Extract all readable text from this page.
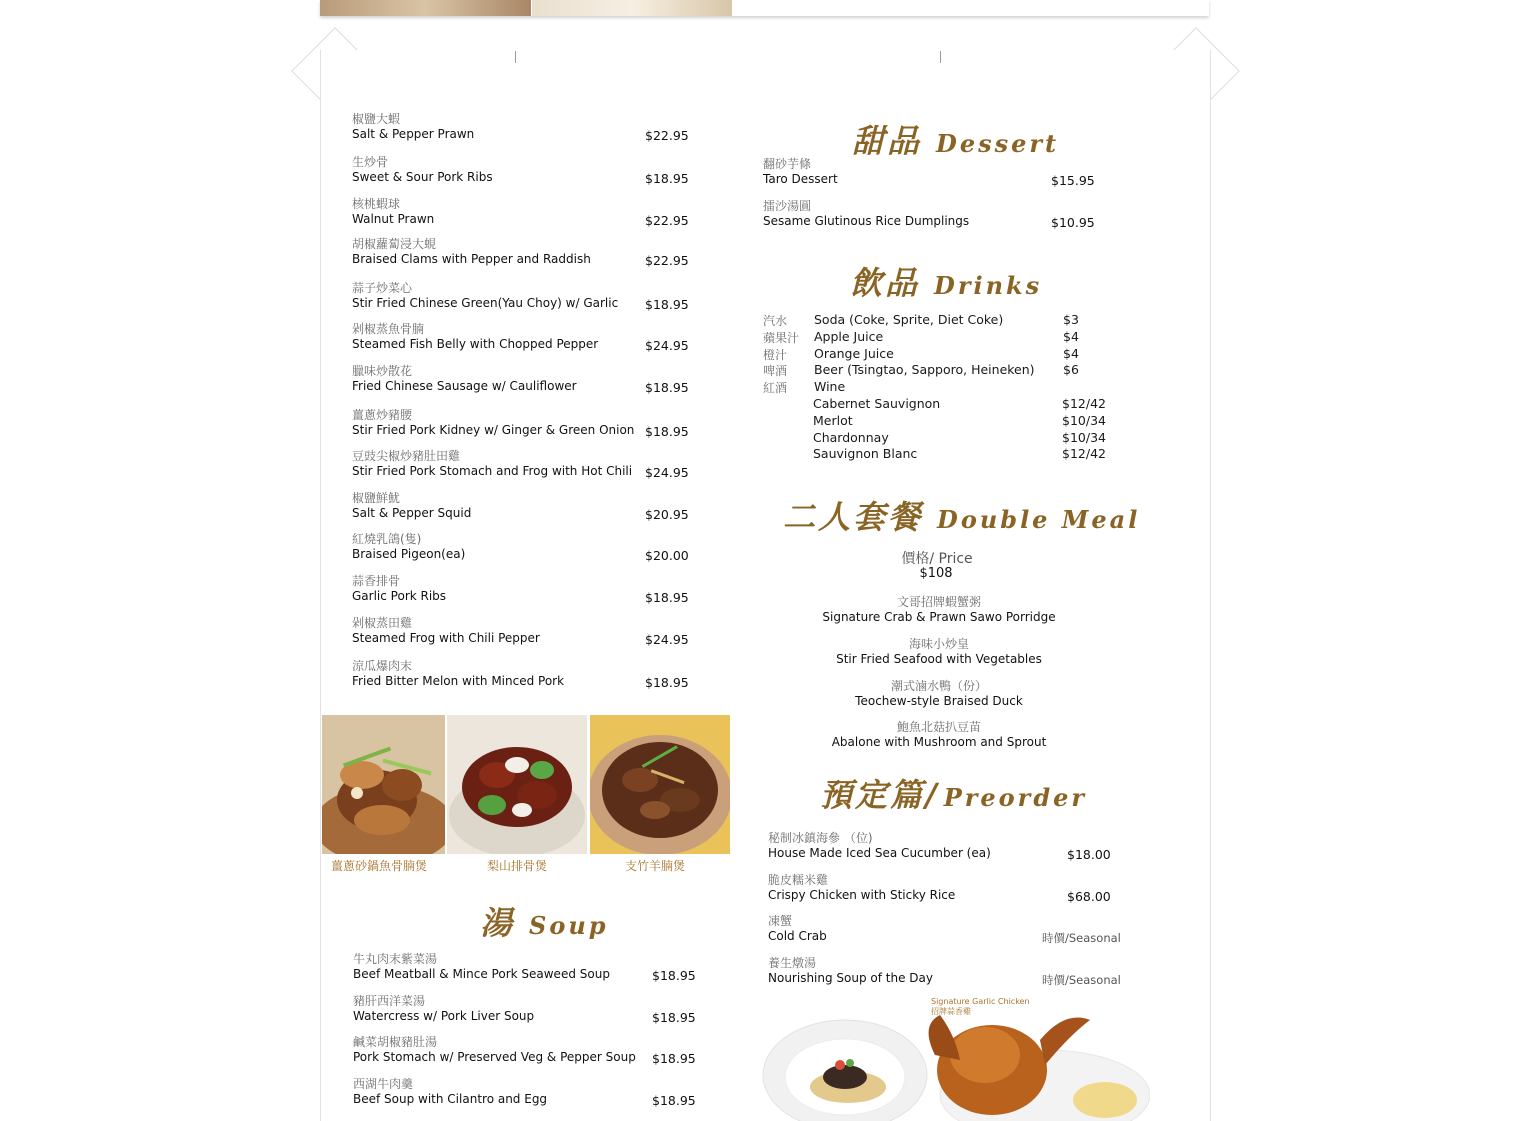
椒鹽大蝦
Salt & Pepper Prawn	$22.95
生炒骨
Sweet & Sour Pork Ribs	$18.95
核桃蝦球
Walnut Prawn	$22.95
胡椒蘿蔔浸大蜆
Braised Clams with Pepper and Raddish	$22.95
蒜子炒菜心
Stir Fried Chinese Green(Yau Choy) w/ Garlic $18.95
剁椒蒸魚骨腩
Steamed Fish Belly with Chopped Pepper	$24.95
臘味炒散花
Fried Chinese Sausage w/ Cauliflower	$18.95
薑蔥炒豬腰
Stir Fried Pork Kidney w/ Ginger & Green Onion $18.95
豆豉尖椒炒豬肚田雞
Stir Fried Pork Stomach and Frog with Hot Chili $24.95
椒鹽鮮魷
Salt & Pepper Squid	$20.95
紅燒乳鴿(隻)
Braised Pigeon(ea)	$20.00
蒜香排骨
Garlic Pork Ribs	$18.95
剁椒蒸田雞
Steamed Frog with Chili Pepper	$24.95
涼瓜爆肉末
Fried Bitter Melon with Minced Pork	$18.95
薑蔥砂鍋魚骨腩煲	梨山排骨煲	支竹羊腩煲
湯 Soup
牛丸肉末紫菜湯
Beef Meatball & Mince Pork Seaweed Soup	$18.95
豬肝西洋菜湯
Watercress w/ Pork Liver Soup	$18.95
鹹菜胡椒豬肚湯
Pork Stomach w/ Preserved Veg & Pepper Soup $18.95
西湖牛肉羹
Beef Soup with Cilantro and Egg	$18.95
甜品 Dessert
翻砂芋條
Taro Dessert	$15.95
擂沙湯圓
Sesame Glutinous Rice Dumplings	$10.95
飲品 Drinks
汽水 Soda (Coke, Sprite, Diet Coke)	$3
蘋果汁 Apple Juice	$4
橙汁 Orange Juice	$4
啤酒 Beer (Tsingtao, Sapporo, Heineken) $6
紅酒 Wine
Cabernet Sauvignon	$12/42
Merlot	$10/34
Chardonnay	$10/34
Sauvignon Blanc	$12/42
二人套餐 Double Meal
價格/ Price
$108
文哥招牌蝦蟹粥
Signature Crab & Prawn Sawo Porridge
海味小炒皇
Stir Fried Seafood with Vegetables
潮式滷水鴨（份）
Teochew-style Braised Duck
鮑魚北菇扒豆苗
Abalone with Mushroom and Sprout
預定篇/ Preorder
秘制冰鎮海參 （位)
House Made Iced Sea Cucumber (ea)	$18.00
脆皮糯米雞
Crispy Chicken with Sticky Rice	$68.00
凍蟹
Cold Crab	時價/Seasonal
養生燉湯
Nourishing Soup of the Day	時價/Seasonal
Signature Garlic Chicken
招牌蒜香雞
